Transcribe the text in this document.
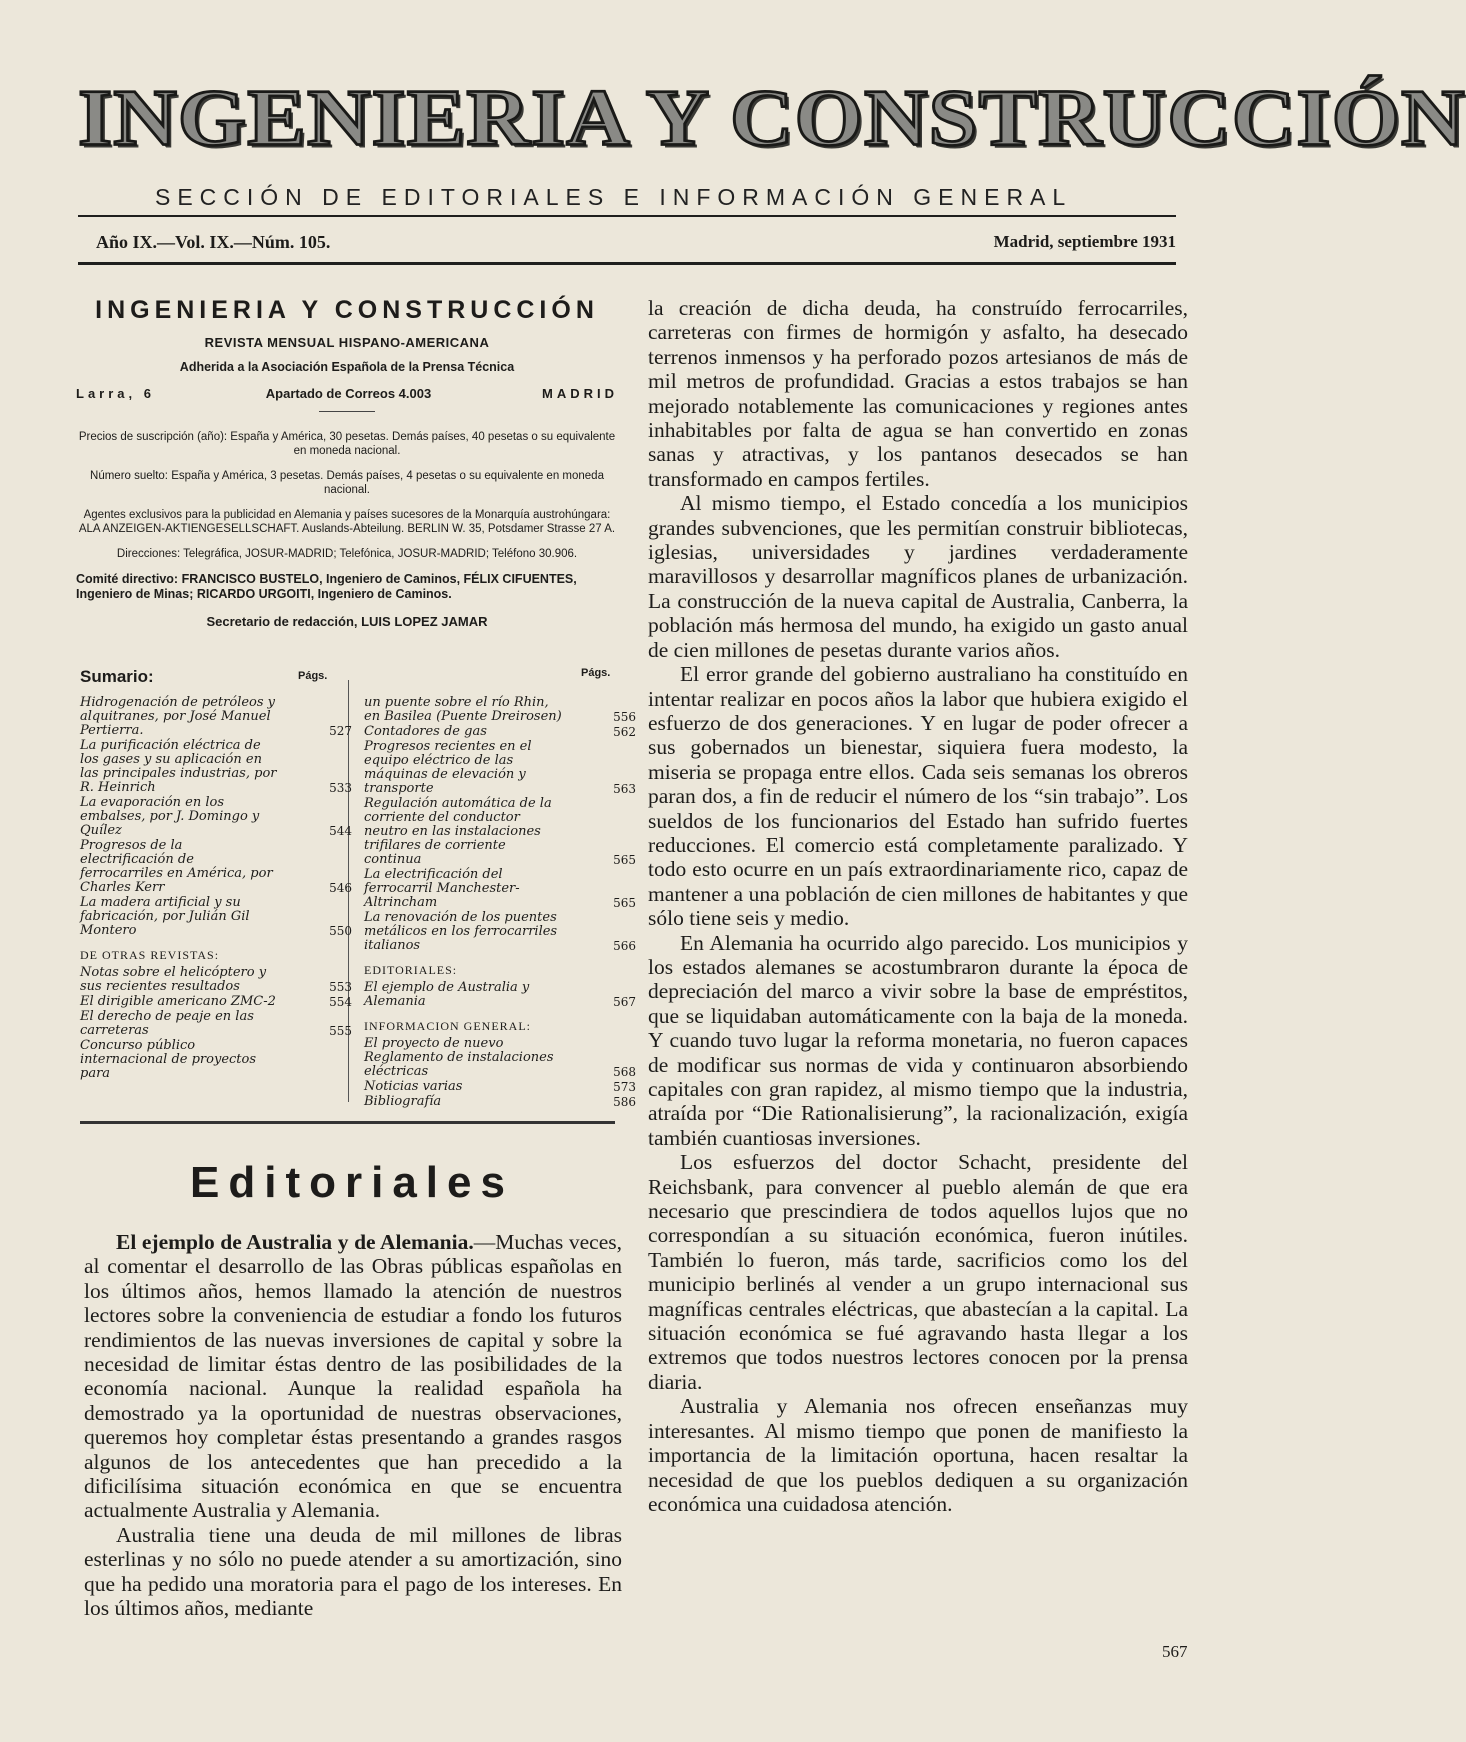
INGENIERIA Y CONSTRUCCIÓN
SECCIÓN DE EDITORIALES E INFORMACIÓN GENERAL
Año IX.—Vol. IX.—Núm. 105.	Madrid, septiembre 1931
INGENIERIA Y CONSTRUCCIÓN
REVISTA MENSUAL HISPANO-AMERICANA
Adherida a la Asociación Española de la Prensa Técnica
Larra, 6	Apartado de Correos 4.003	MADRID
Precios de suscripción (año): España y América, 30 pesetas. Demás países, 40 pesetas o su equivalente en moneda nacional.
Número suelto: España y América, 3 pesetas. Demás países, 4 pesetas o su equivalente en moneda nacional.
Agentes exclusivos para la publicidad en Alemania y países sucesores de la Monarquía austrohúngara: ALA ANZEIGEN-AKTIENGESELLSCHAFT. Auslands-Abteilung. BERLIN W. 35, Potsdamer Strasse 27 A.
Direcciones: Telegráfica, JOSUR-MADRID; Telefónica, JOSUR-MADRID; Teléfono 30.906.
Comité directivo: FRANCISCO BUSTELO, Ingeniero de Caminos, FÉLIX CIFUENTES, Ingeniero de Minas; RICARDO URGOITI, Ingeniero de Caminos.
Secretario de redacción, LUIS LOPEZ JAMAR
Sumario:	Págs.	Págs.
Hidrogenación de petróleos y alquitranes, por José Manuel Pertierra.	527
La purificación eléctrica de los gases y su aplicación en las principales industrias, por R. Heinrich	533
La evaporación en los embalses, por J. Domingo y Quílez	544
Progresos de la electrificación de ferrocarriles en América, por Charles Kerr	546
La madera artificial y su fabricación, por Julián Gil Montero	550
DE OTRAS REVISTAS:
Notas sobre el helicóptero y sus recientes resultados	553
El dirigible americano ZMC-2	554
El derecho de peaje en las carreteras	555
Concurso público internacional de proyectos para
un puente sobre el río Rhin, en Basilea (Puente Dreirosen)	556
Contadores de gas	562
Progresos recientes en el equipo eléctrico de las máquinas de elevación y transporte	563
Regulación automática de la corriente del conductor neutro en las instalaciones trifilares de corriente continua	565
La electrificación del ferrocarril Manchester-Altrincham	565
La renovación de los puentes metálicos en los ferrocarriles italianos	566
EDITORIALES:
El ejemplo de Australia y Alemania	567
INFORMACION GENERAL:
El proyecto de nuevo Reglamento de instalaciones eléctricas	568
Noticias varias	573
Bibliografía	586
Editoriales

El ejemplo de Australia y de Alemania.—Muchas veces, al comentar el desarrollo de las Obras públicas españolas en los últimos años, hemos llamado la atención de nuestros lectores sobre la conveniencia de estudiar a fondo los futuros rendimientos de las nuevas inversiones de capital y sobre la necesidad de limitar éstas dentro de las posibilidades de la economía nacional. Aunque la realidad española ha demostrado ya la oportunidad de nuestras observaciones, queremos hoy completar éstas presentando a grandes rasgos algunos de los antecedentes que han precedido a la dificilísima situación económica en que se encuentra actualmente Australia y Alemania.

Australia tiene una deuda de mil millones de libras esterlinas y no sólo no puede atender a su amortización, sino que ha pedido una moratoria para el pago de los intereses. En los últimos años, mediante

la creación de dicha deuda, ha construído ferrocarriles, carreteras con firmes de hormigón y asfalto, ha desecado terrenos inmensos y ha perforado pozos artesianos de más de mil metros de profundidad. Gracias a estos trabajos se han mejorado notablemente las comunicaciones y regiones antes inhabitables por falta de agua se han convertido en zonas sanas y atractivas, y los pantanos desecados se han transformado en campos fertiles.

Al mismo tiempo, el Estado concedía a los municipios grandes subvenciones, que les permitían construir bibliotecas, iglesias, universidades y jardines verdaderamente maravillosos y desarrollar magníficos planes de urbanización. La construcción de la nueva capital de Australia, Canberra, la población más hermosa del mundo, ha exigido un gasto anual de cien millones de pesetas durante varios años.

El error grande del gobierno australiano ha constituído en intentar realizar en pocos años la labor que hubiera exigido el esfuerzo de dos generaciones. Y en lugar de poder ofrecer a sus gobernados un bienestar, siquiera fuera modesto, la miseria se propaga entre ellos. Cada seis semanas los obreros paran dos, a fin de reducir el número de los “sin trabajo”. Los sueldos de los funcionarios del Estado han sufrido fuertes reducciones. El comercio está completamente paralizado. Y todo esto ocurre en un país extraordinariamente rico, capaz de mantener a una población de cien millones de habitantes y que sólo tiene seis y medio.

En Alemania ha ocurrido algo parecido. Los municipios y los estados alemanes se acostumbraron durante la época de depreciación del marco a vivir sobre la base de empréstitos, que se liquidaban automáticamente con la baja de la moneda. Y cuando tuvo lugar la reforma monetaria, no fueron capaces de modificar sus normas de vida y continuaron absorbiendo capitales con gran rapidez, al mismo tiempo que la industria, atraída por “Die Rationalisierung”, la racionalización, exigía también cuantiosas inversiones.

Los esfuerzos del doctor Schacht, presidente del Reichsbank, para convencer al pueblo alemán de que era necesario que prescindiera de todos aquellos lujos que no correspondían a su situación económica, fueron inútiles. También lo fueron, más tarde, sacrificios como los del municipio berlinés al vender a un grupo internacional sus magníficas centrales eléctricas, que abastecían a la capital. La situación económica se fué agravando hasta llegar a los extremos que todos nuestros lectores conocen por la prensa diaria.

Australia y Alemania nos ofrecen enseñanzas muy interesantes. Al mismo tiempo que ponen de manifiesto la importancia de la limitación oportuna, hacen resaltar la necesidad de que los pueblos dediquen a su organización económica una cuidadosa atención.

567
